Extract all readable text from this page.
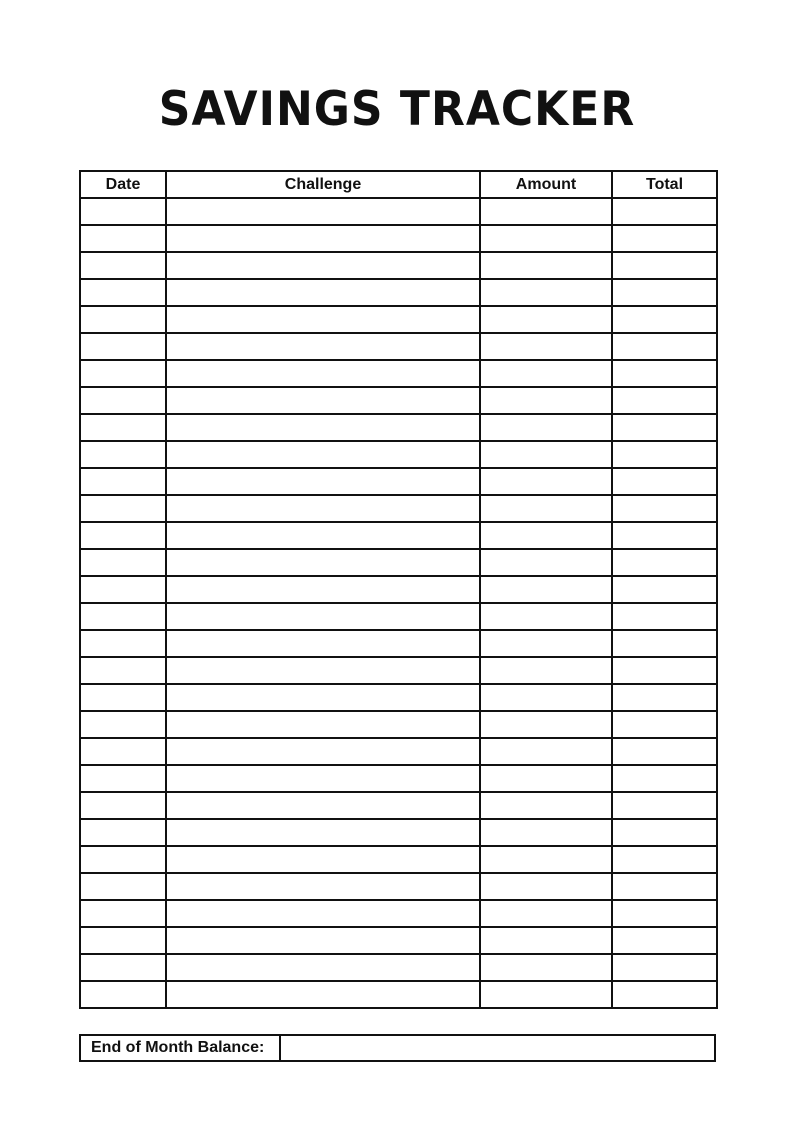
SAVINGS TRACKER
Date	Challenge	Amount	Total

End of Month Balance:
